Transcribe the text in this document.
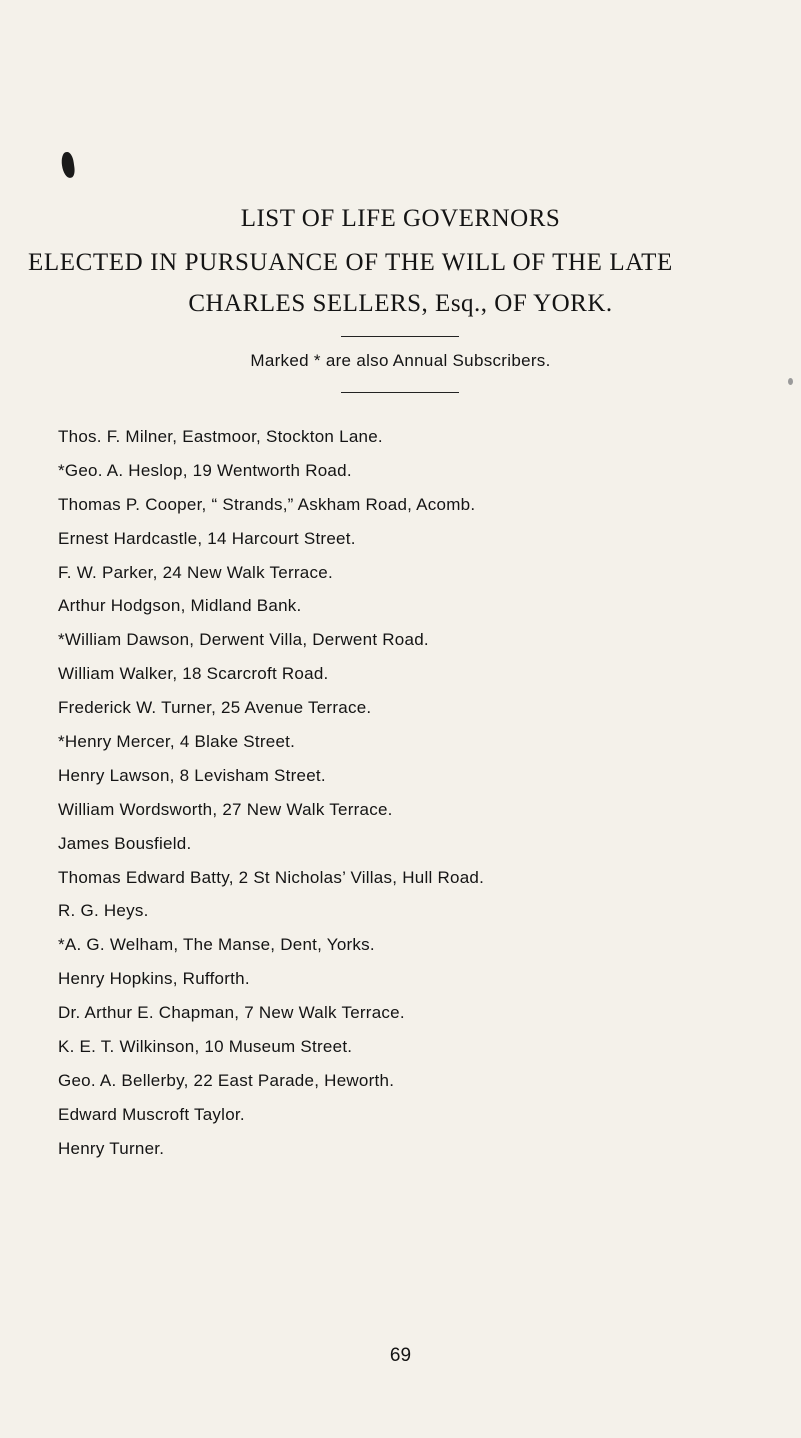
LIST OF LIFE GOVERNORS
ELECTED IN PURSUANCE OF THE WILL OF THE LATE
CHARLES SELLERS, Esq., OF YORK.
Marked * are also Annual Subscribers.
Thos. F. Milner, Eastmoor, Stockton Lane.
*Geo. A. Heslop, 19 Wentworth Road.
Thomas P. Cooper, “ Strands,” Askham Road, Acomb.
Ernest Hardcastle, 14 Harcourt Street.
F. W. Parker, 24 New Walk Terrace.
Arthur Hodgson, Midland Bank.
*William Dawson, Derwent Villa, Derwent Road.
William Walker, 18 Scarcroft Road.
Frederick W. Turner, 25 Avenue Terrace.
*Henry Mercer, 4 Blake Street.
Henry Lawson, 8 Levisham Street.
William Wordsworth, 27 New Walk Terrace.
James Bousfield.
Thomas Edward Batty, 2 St Nicholas’ Villas, Hull Road.
R. G. Heys.
*A. G. Welham, The Manse, Dent, Yorks.
Henry Hopkins, Rufforth.
Dr. Arthur E. Chapman, 7 New Walk Terrace.
K. E. T. Wilkinson, 10 Museum Street.
Geo. A. Bellerby, 22 East Parade, Heworth.
Edward Muscroft Taylor.
Henry Turner.
69
